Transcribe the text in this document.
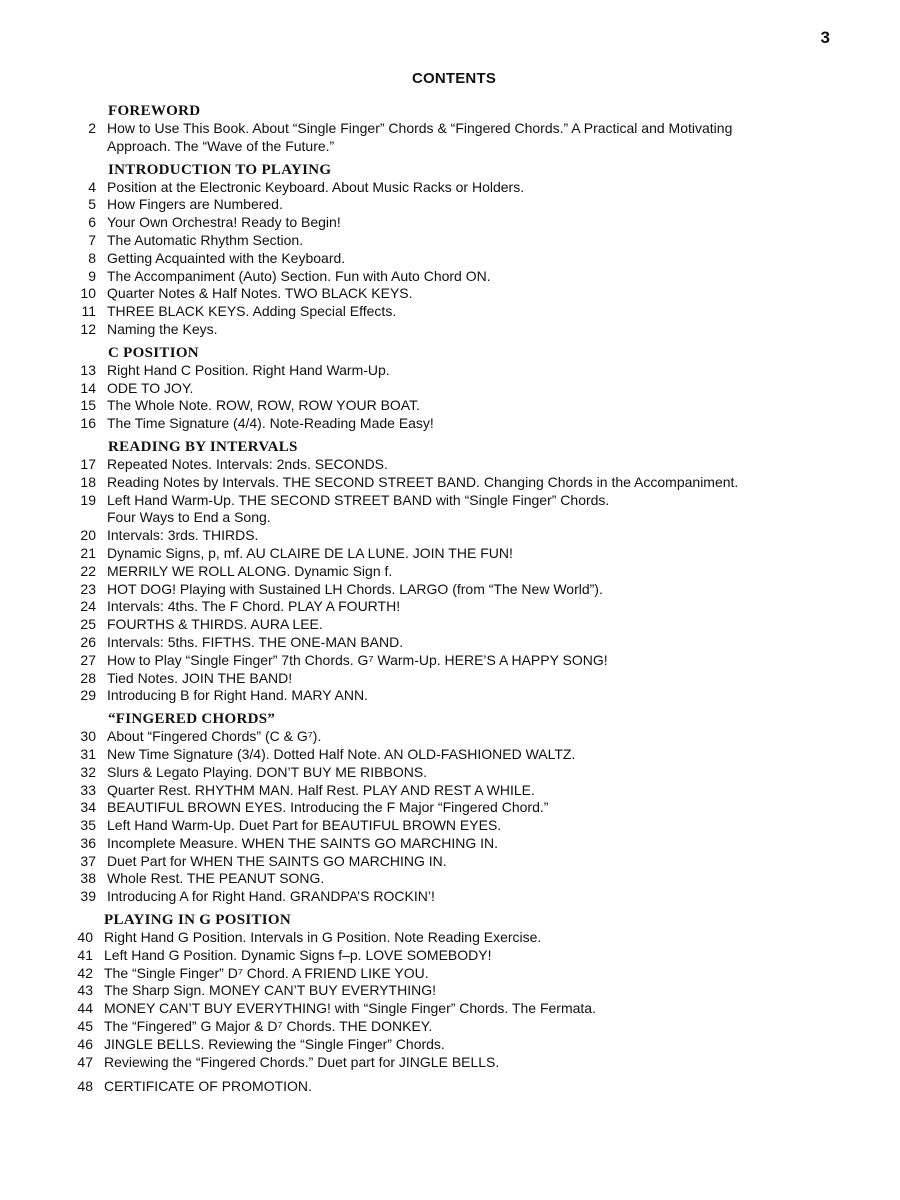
3
CONTENTS
FOREWORD
2 How to Use This Book. About “Single Finger” Chords & “Fingered Chords.” A Practical and Motivating
Approach. The “Wave of the Future.”
INTRODUCTION TO PLAYING
4 Position at the Electronic Keyboard. About Music Racks or Holders.
5 How Fingers are Numbered.
6 Your Own Orchestra! Ready to Begin!
7 The Automatic Rhythm Section.
8 Getting Acquainted with the Keyboard.
9 The Accompaniment (Auto) Section. Fun with Auto Chord ON.
10 Quarter Notes & Half Notes. TWO BLACK KEYS.
11 THREE BLACK KEYS. Adding Special Effects.
12 Naming the Keys.
C POSITION
13 Right Hand C Position. Right Hand Warm-Up.
14 ODE TO JOY.
15 The Whole Note. ROW, ROW, ROW YOUR BOAT.
16 The Time Signature (4/4). Note-Reading Made Easy!
READING BY INTERVALS
17 Repeated Notes. Intervals: 2nds. SECONDS.
18 Reading Notes by Intervals. THE SECOND STREET BAND. Changing Chords in the Accompaniment.
19 Left Hand Warm-Up. THE SECOND STREET BAND with “Single Finger” Chords.
Four Ways to End a Song.
20 Intervals: 3rds. THIRDS.
21 Dynamic Signs, p, mf. AU CLAIRE DE LA LUNE. JOIN THE FUN!
22 MERRILY WE ROLL ALONG. Dynamic Sign f.
23 HOT DOG! Playing with Sustained LH Chords. LARGO (from “The New World”).
24 Intervals: 4ths. The F Chord. PLAY A FOURTH!
25 FOURTHS & THIRDS. AURA LEE.
26 Intervals: 5ths. FIFTHS. THE ONE-MAN BAND.
27 How to Play “Single Finger” 7th Chords. G⁷ Warm-Up. HERE’S A HAPPY SONG!
28 Tied Notes. JOIN THE BAND!
29 Introducing B for Right Hand. MARY ANN.
“FINGERED CHORDS”
30 About “Fingered Chords” (C & G⁷).
31 New Time Signature (3/4). Dotted Half Note. AN OLD-FASHIONED WALTZ.
32 Slurs & Legato Playing. DON’T BUY ME RIBBONS.
33 Quarter Rest. RHYTHM MAN. Half Rest. PLAY AND REST A WHILE.
34 BEAUTIFUL BROWN EYES. Introducing the F Major “Fingered Chord.”
35 Left Hand Warm-Up. Duet Part for BEAUTIFUL BROWN EYES.
36 Incomplete Measure. WHEN THE SAINTS GO MARCHING IN.
37 Duet Part for WHEN THE SAINTS GO MARCHING IN.
38 Whole Rest. THE PEANUT SONG.
39 Introducing A for Right Hand. GRANDPA’S ROCKIN’!
PLAYING IN G POSITION
40 Right Hand G Position. Intervals in G Position. Note Reading Exercise.
41 Left Hand G Position. Dynamic Signs f–p. LOVE SOMEBODY!
42 The “Single Finger” D⁷ Chord. A FRIEND LIKE YOU.
43 The Sharp Sign. MONEY CAN’T BUY EVERYTHING!
44 MONEY CAN’T BUY EVERYTHING! with “Single Finger” Chords. The Fermata.
45 The “Fingered” G Major & D⁷ Chords. THE DONKEY.
46 JINGLE BELLS. Reviewing the “Single Finger” Chords.
47 Reviewing the “Fingered Chords.” Duet part for JINGLE BELLS.
48 CERTIFICATE OF PROMOTION.
